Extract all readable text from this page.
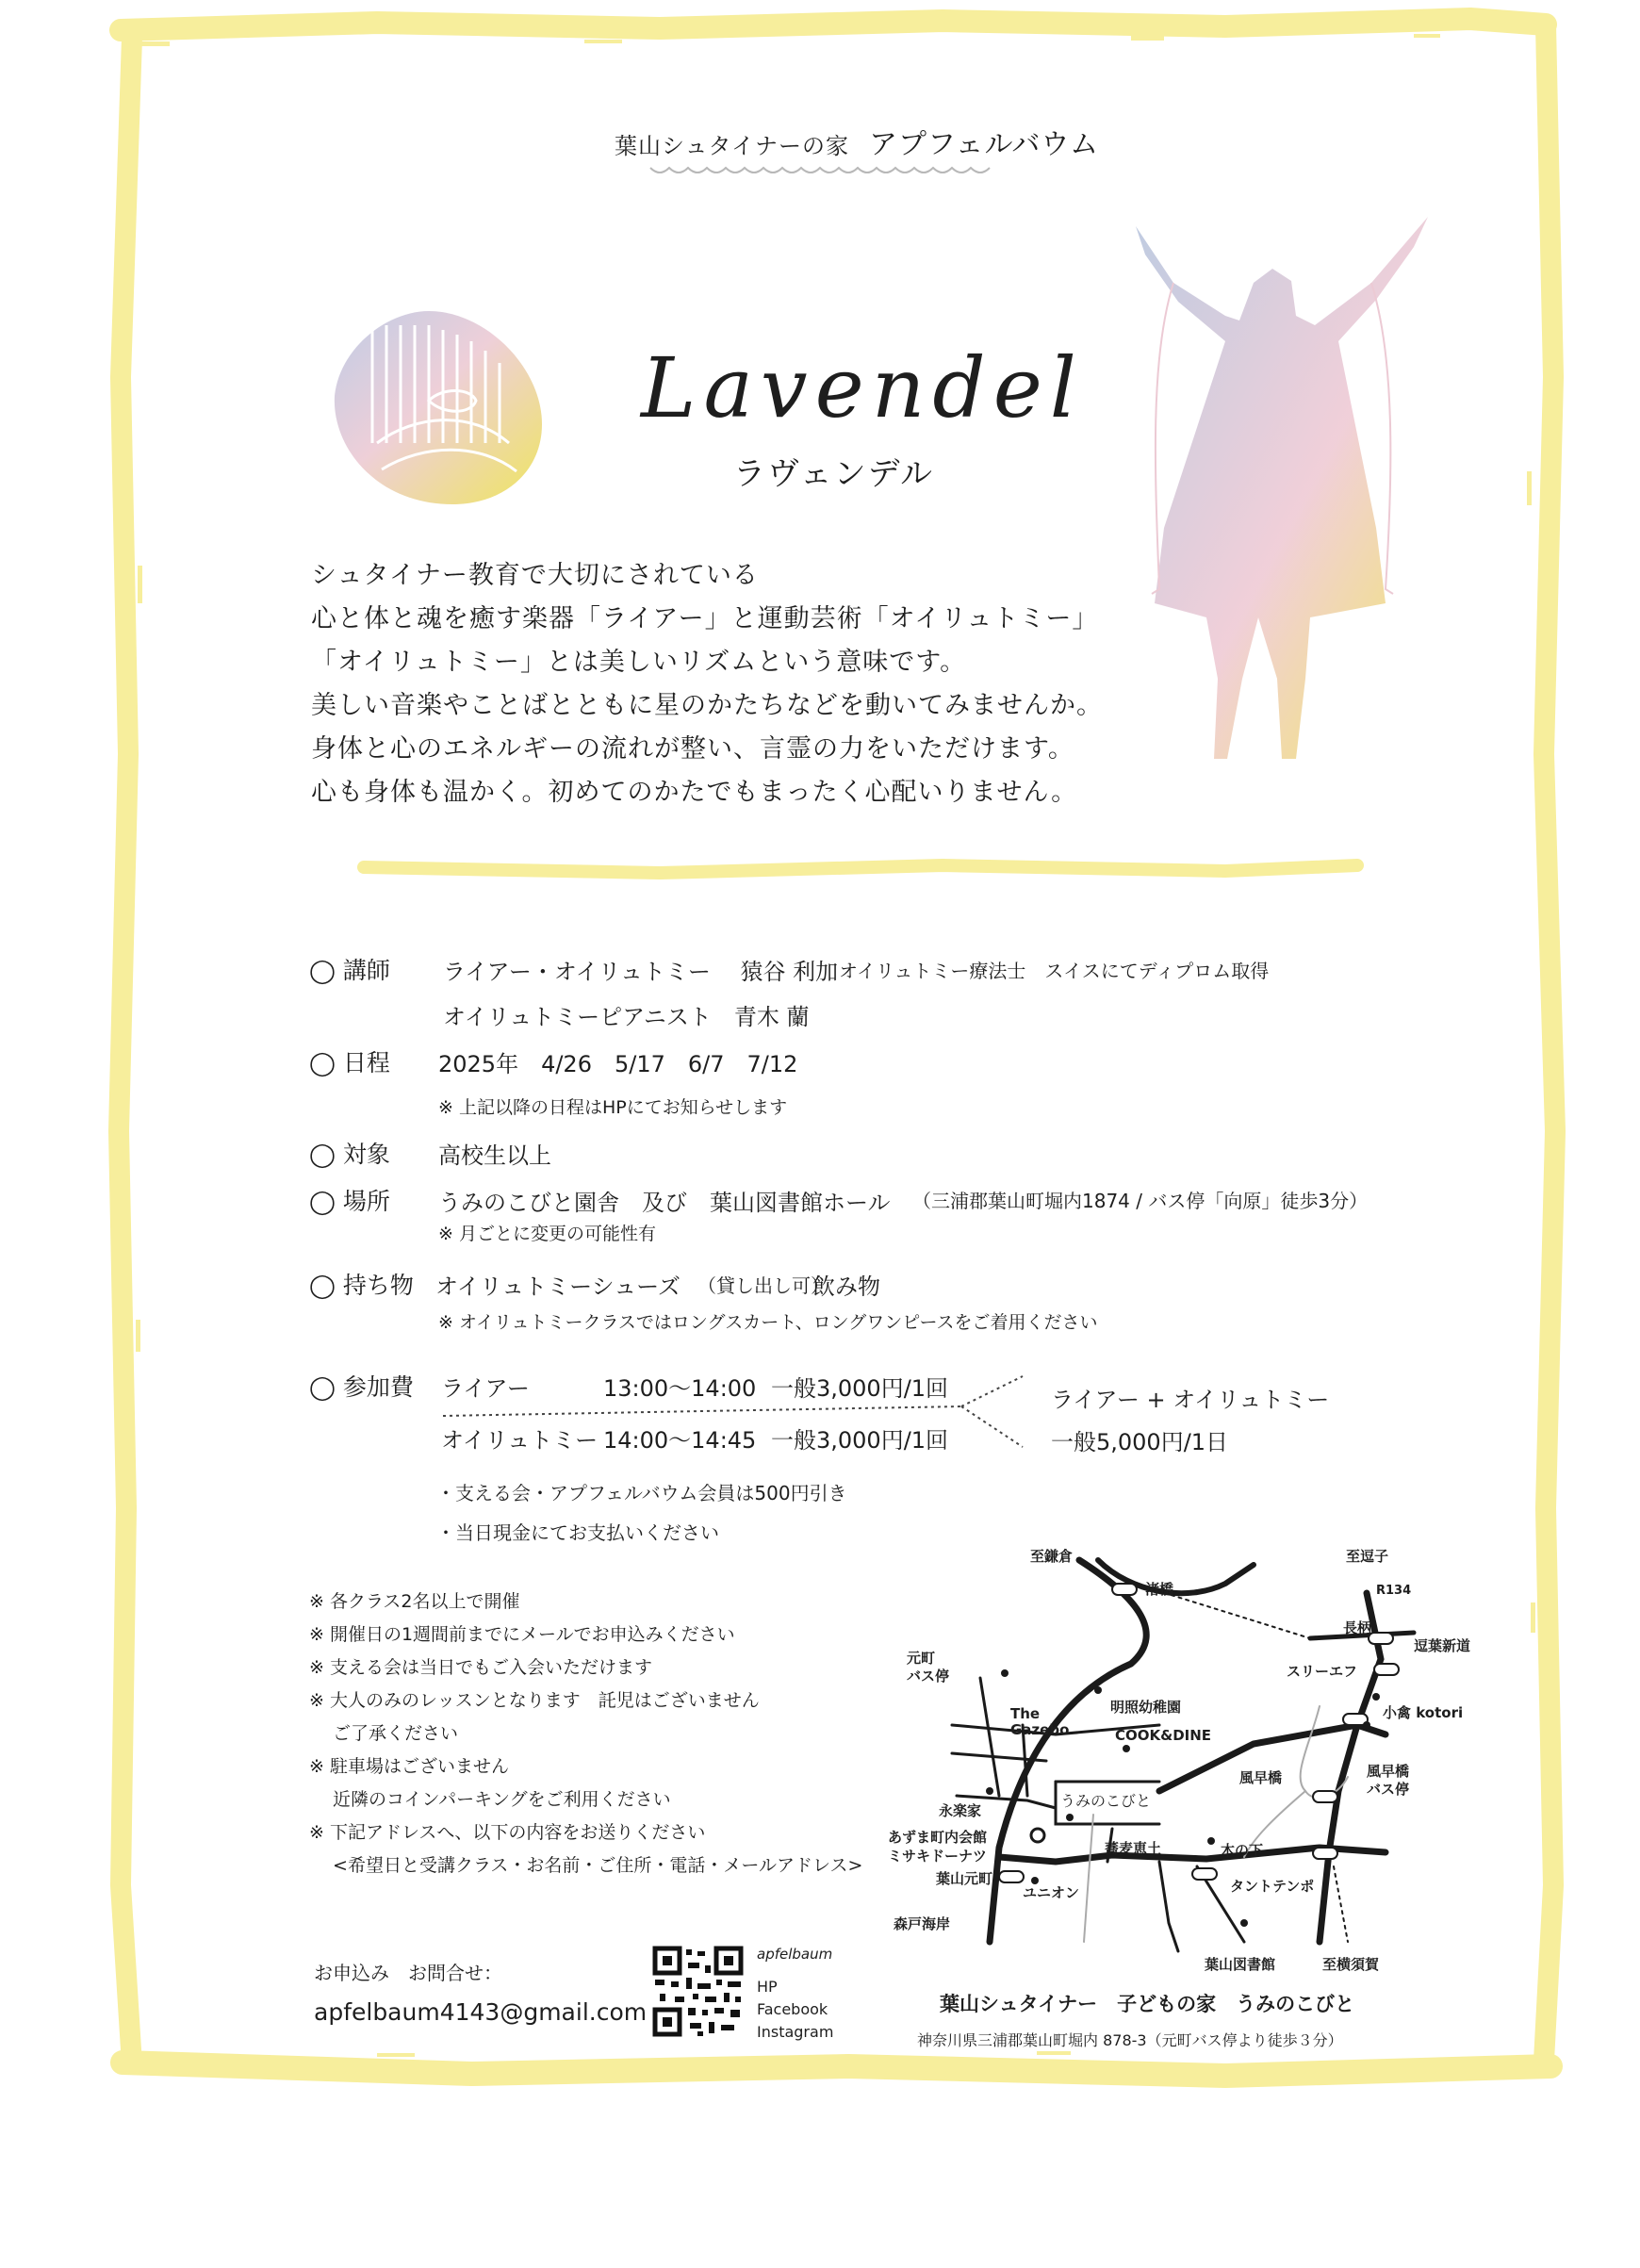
葉山シュタイナーの家 アプフェルバウム
Lavendel
ラヴェンデル
シュタイナー教育で大切にされている
心と体と魂を癒す楽器「ライアー」と運動芸術「オイリュトミー」
「オイリュトミー」とは美しいリズムという意味です。
美しい音楽やことばとともに星のかたちなどを動いてみませんか。
身体と心のエネルギーの流れが整い、言霊の力をいただけます。
心も身体も温かく。初めてのかたでもまったく心配いりません。
◯ 講師 ライアー・オイリュトミー　 猿谷 利加 オイリュトミー療法士　スイスにてディプロム取得
オイリュトミーピアニスト　青木 蘭
◯ 日程 2025年　4/26　5/17　6/7　7/12
※ 上記以降の日程はHPにてお知らせします
◯ 対象 高校生以上
◯ 場所 うみのこびと園舎　及び　葉山図書館ホール （三浦郡葉山町堀内1874 / バス停「向原」徒歩3分）
※ 月ごとに変更の可能性有
◯ 持ち物 オイリュトミーシューズ （貸し出し可）
飲み物
※ オイリュトミークラスではロングスカート、ロングワンピースをご着用ください
◯ 参加費 ライアー	13:00〜14:00 一般3,000円/1回
オイリュトミー 14:00〜14:45 一般3,000円/1回
ライアー + オイリュトミー
一般5,000円/1日
・支える会・アプフェルバウム会員は500円引き
・当日現金にてお支払いください
※ 各クラス2名以上で開催
※ 開催日の1週間前までにメールでお申込みください
※ 支える会は当日でもご入会いただけます
※ 大人のみのレッスンとなります　託児はございません
　 ご了承ください
※ 駐車場はございません
　 近隣のコインパーキングをご利用ください
※ 下記アドレスへ、以下の内容をお送りください
　 <希望日と受講クラス・お名前・ご住所・電話・メールアドレス>
お申込み　お問合せ：
apfelbaum4143@gmail.com
apfelbaum
HP
Facebook
Instagram
至鎌倉	至逗子
R134
渚橋
長柄
逗葉新道
元町
バス停	スリーエフ
小禽 kotori
The
Gazebo
明照幼稚園
COOK&DINE
風早橋	風早橋
バス停
永楽家
あずま町内会館
ミサキドーナツ
葉山元町
うみのこびと
蕎麦恵土	木の下
ユニオン	タントテンポ
森戸海岸
葉山図書館	至横須賀
葉山シュタイナー　子どもの家　うみのこびと
神奈川県三浦郡葉山町堀内 878-3（元町バス停より徒歩３分）
